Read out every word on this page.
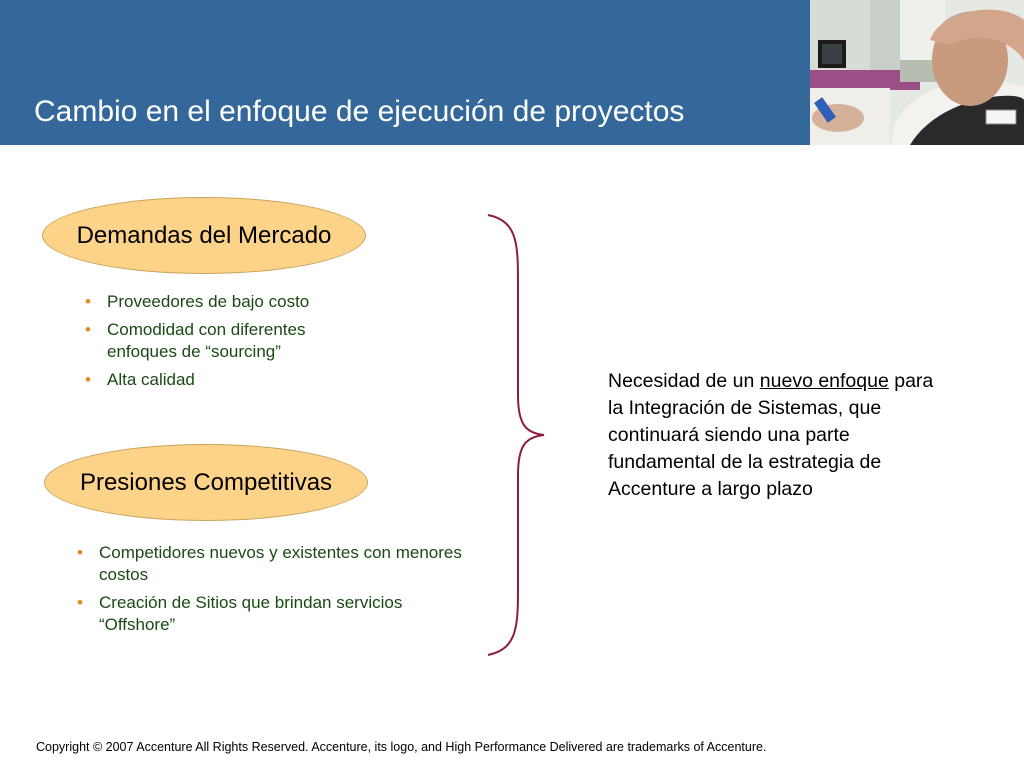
Cambio en el enfoque de ejecución de proyectos
Demandas del Mercado
• Proveedores de bajo costo
• Comodidad con diferentes enfoques de “sourcing”
• Alta calidad
Presiones Competitivas
• Competidores nuevos y existentes con menores costos
• Creación de Sitios que brindan servicios “Offshore”

Necesidad de un nuevo enfoque para la Integración de Sistemas, que continuará siendo una parte fundamental de la estrategia de Accenture a largo plazo

Copyright © 2007 Accenture All Rights Reserved. Accenture, its logo, and High Performance Delivered are trademarks of Accenture.
